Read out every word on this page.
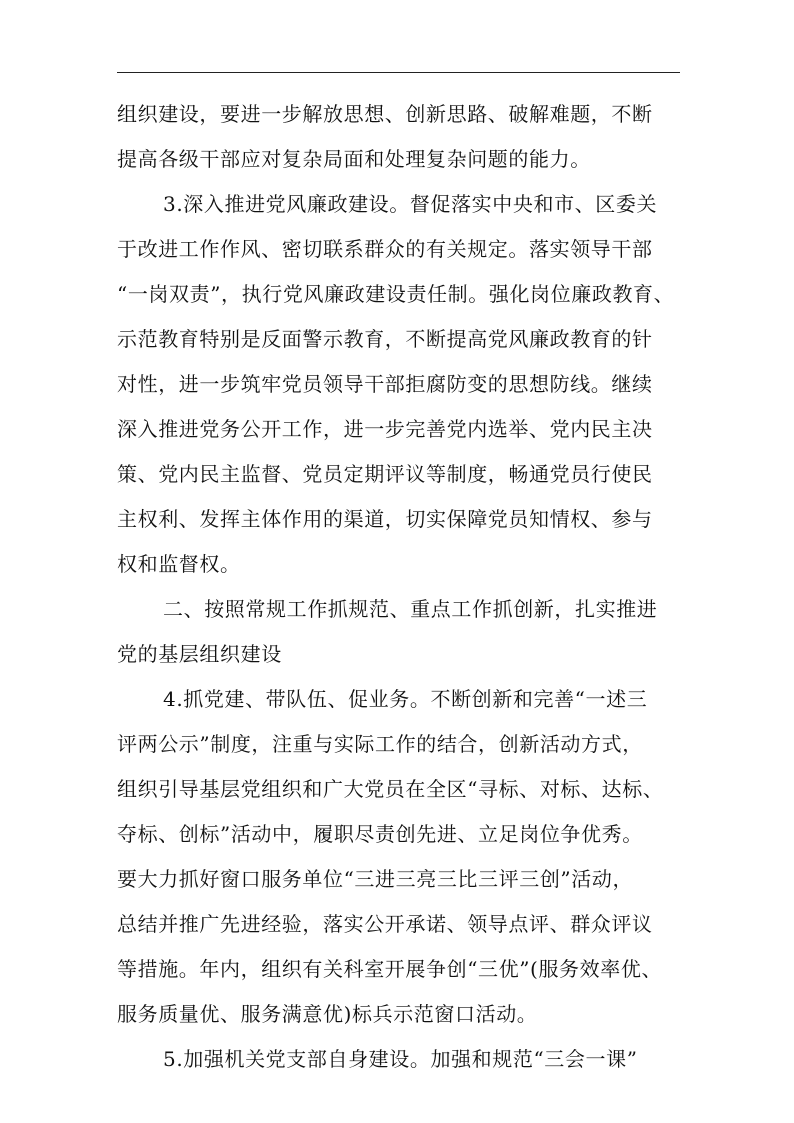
组织建设，要进一步解放思想、创新思路、破解难题，不断
提高各级干部应对复杂局面和处理复杂问题的能力。
3.深入推进党风廉政建设。督促落实中央和市、区委关
于改进工作作风、密切联系群众的有关规定。落实领导干部
“一岗双责”，执行党风廉政建设责任制。强化岗位廉政教育、
示范教育特别是反面警示教育，不断提高党风廉政教育的针
对性，进一步筑牢党员领导干部拒腐防变的思想防线。继续
深入推进党务公开工作，进一步完善党内选举、党内民主决
策、党内民主监督、党员定期评议等制度，畅通党员行使民
主权利、发挥主体作用的渠道，切实保障党员知情权、参与
权和监督权。
二、按照常规工作抓规范、重点工作抓创新，扎实推进
党的基层组织建设
4.抓党建、带队伍、促业务。不断创新和完善“一述三
评两公示”制度，注重与实际工作的结合，创新活动方式，
组织引导基层党组织和广大党员在全区“寻标、对标、达标、
夺标、创标”活动中，履职尽责创先进、立足岗位争优秀。
要大力抓好窗口服务单位“三进三亮三比三评三创”活动，
总结并推广先进经验，落实公开承诺、领导点评、群众评议
等措施。年内，组织有关科室开展争创“三优”(服务效率优、
服务质量优、服务满意优)标兵示范窗口活动。
5.加强机关党支部自身建设。加强和规范“三会一课”
